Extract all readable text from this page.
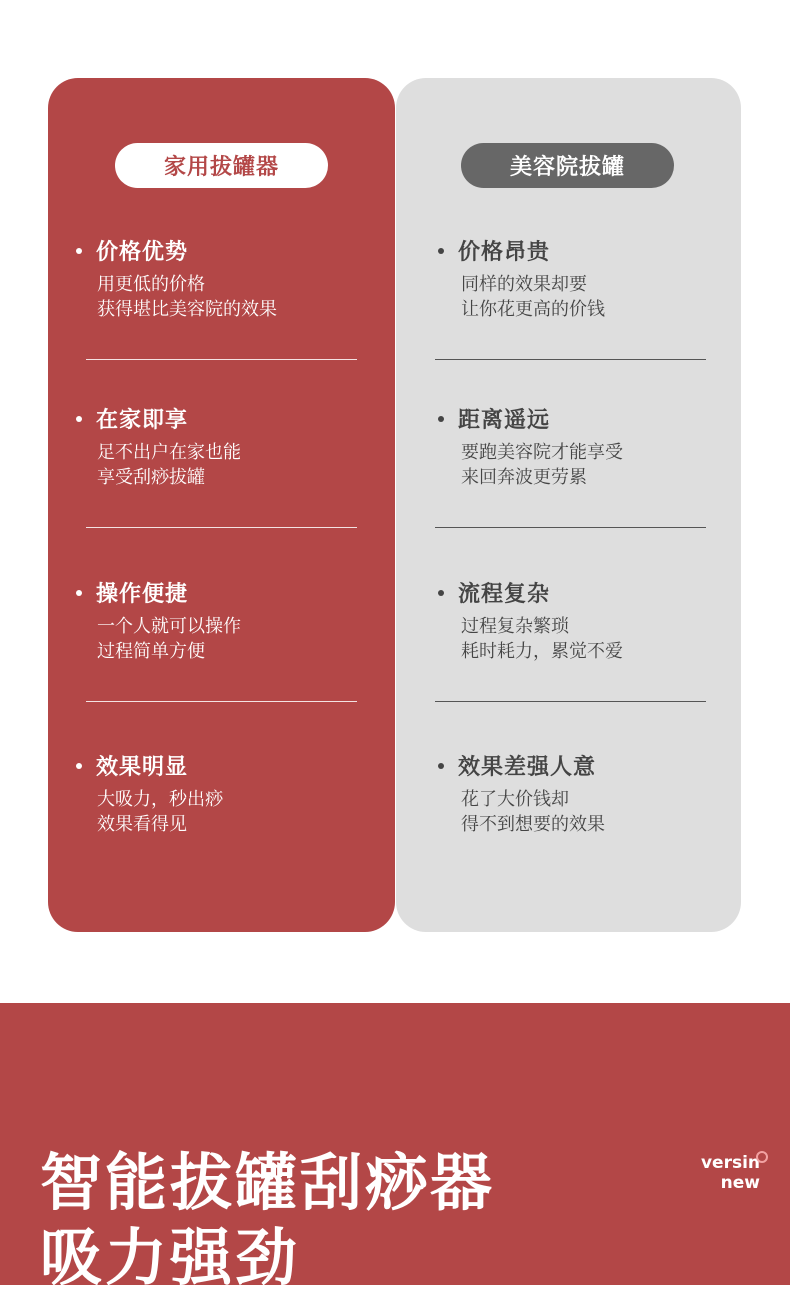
家用拔罐器
价格优势
用更低的价格
获得堪比美容院的效果
在家即享
足不出户在家也能
享受刮痧拔罐
操作便捷
一个人就可以操作
过程简单方便
效果明显
大吸力，秒出痧
效果看得见
美容院拔罐
价格昂贵
同样的效果却要
让你花更高的价钱
距离遥远
要跑美容院才能享受
来回奔波更劳累
流程复杂
过程复杂繁琐
耗时耗力，累觉不爱
效果差强人意
花了大价钱却
得不到想要的效果
智能拔罐刮痧器
吸力强劲
versin
new
